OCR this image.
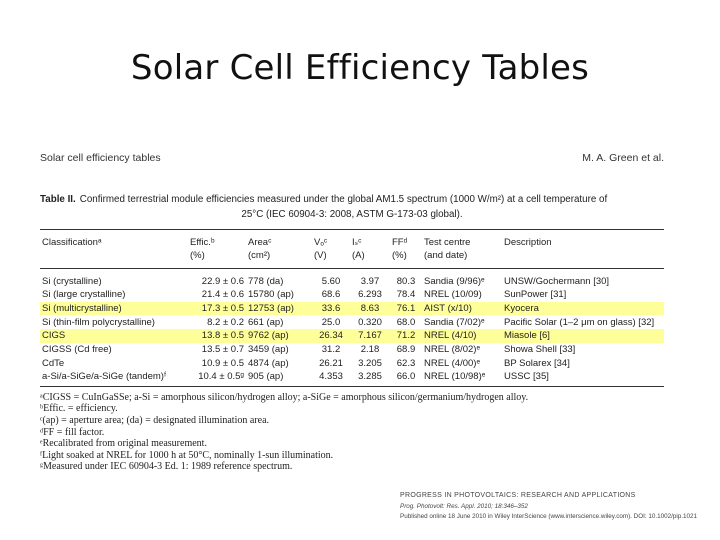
Solar Cell Efficiency Tables
Solar cell efficiency tables	M. A. Green et al.
Table II. Confirmed terrestrial module efficiencies measured under the global AM1.5 spectrum (1000 W/m²) at a cell temperature of
25°C (IEC 60904-3: 2008, ASTM G-173-03 global).
Classificationᵃ	Effic.ᵇ	Areaᶜ	Vₒᶜ	Iₛᶜ	FFᵈ	Test centre	Description
	(%)	(cm²)	(V)	(A)	(%)	(and date)	
Si (crystalline)	22.9 ± 0.6	778 (da)	5.60	3.97	80.3	Sandia (9/96)ᵉ	UNSW/Gochermann [30]
Si (large crystalline)	21.4 ± 0.6	15780 (ap)	68.6	6.293	78.4	NREL (10/09)	SunPower [31]
Si (multicrystalline)	17.3 ± 0.5	12753 (ap)	33.6	8.63	76.1	AIST (x/10)	Kyocera
Si (thin-film polycrystalline)	8.2 ± 0.2	661 (ap)	25.0	0.320	68.0	Sandia (7/02)ᵉ	Pacific Solar (1–2 μm on glass) [32]
CIGS	13.8 ± 0.5	9762 (ap)	26.34	7.167	71.2	NREL (4/10)	Miasole [6]
CIGSS (Cd free)	13.5 ± 0.7	3459 (ap)	31.2	2.18	68.9	NREL (8/02)ᵉ	Showa Shell [33]
CdTe	10.9 ± 0.5	4874 (ap)	26.21	3.205	62.3	NREL (4/00)ᵉ	BP Solarex [34]
a-Si/a-SiGe/a-SiGe (tandem)ᶠ	10.4 ± 0.5ᵍ	905 (ap)	4.353	3.285	66.0	NREL (10/98)ᵉ	USSC [35]
ᵃCIGSS = CuInGaSSe; a-Si = amorphous silicon/hydrogen alloy; a-SiGe = amorphous silicon/germanium/hydrogen alloy.
ᵇEffic. = efficiency.
ᶜ(ap) = aperture area; (da) = designated illumination area.
ᵈFF = fill factor.
ᵉRecalibrated from original measurement.
ᶠLight soaked at NREL for 1000 h at 50°C, nominally 1-sun illumination.
ᵍMeasured under IEC 60904-3 Ed. 1: 1989 reference spectrum.
PROGRESS IN PHOTOVOLTAICS: RESEARCH AND APPLICATIONS
Prog. Photovolt: Res. Appl. 2010; 18:346–352
Published online 18 June 2010 in Wiley InterScience (www.interscience.wiley.com). DOI: 10.1002/pip.1021
